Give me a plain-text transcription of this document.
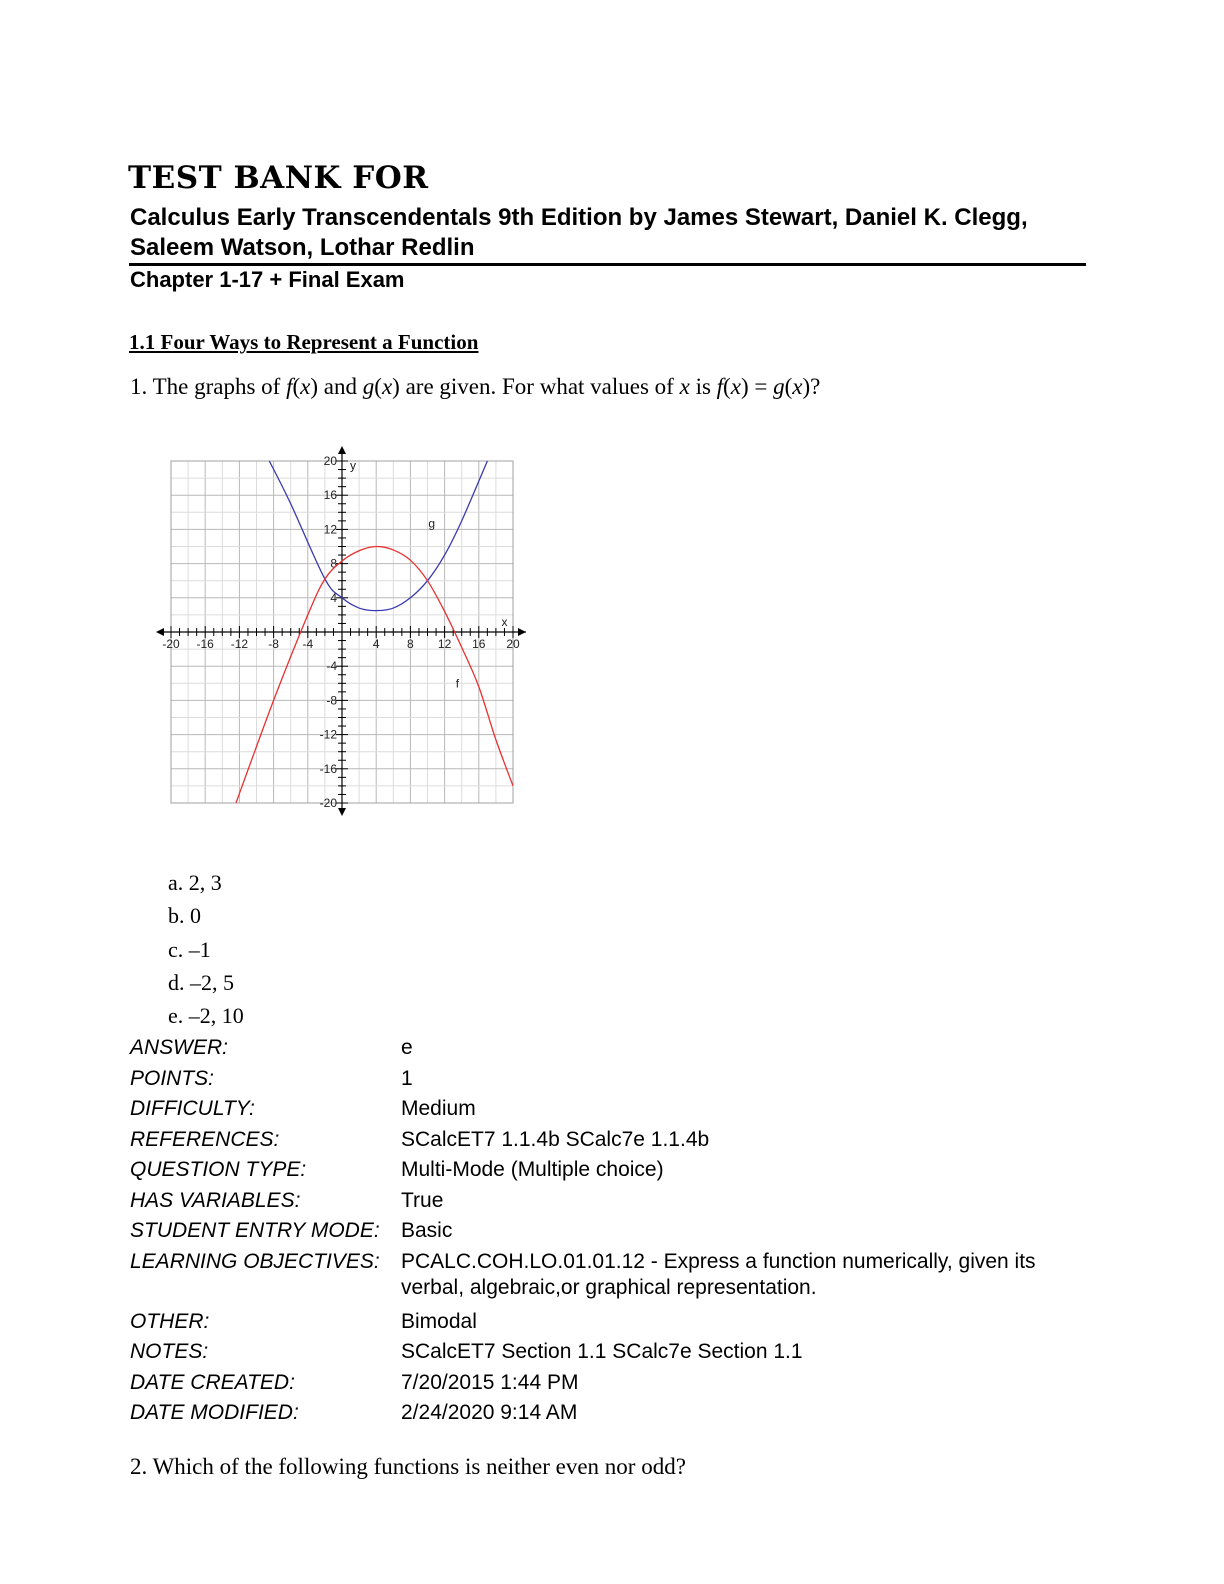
TEST BANK FOR
Calculus Early Transcendentals 9th Edition by James Stewart, Daniel K. Clegg, Saleem Watson, Lothar Redlin
Chapter 1-17 + Final Exam
1.1 Four Ways to Represent a Function
1. The graphs of f(x) and g(x) are given. For what values of x is f(x) = g(x)?
-20 -16 -12 -8 -4	4 8 12 16 20
20
16
12
8
4
-4
-8
-12
-16
-20
x
y
g
f
a. 2, 3
b. 0
c. –1
d. –2, 5
e. –2, 10
ANSWER:	e
POINTS:	1
DIFFICULTY:	Medium
REFERENCES:	SCalcET7 1.1.4b SCalc7e 1.1.4b
QUESTION TYPE:	Multi-Mode (Multiple choice)
HAS VARIABLES:	True
STUDENT ENTRY MODE:	Basic
LEARNING OBJECTIVES:	PCALC.COH.LO.01.01.12 - Express a function numerically, given its verbal, algebraic,or graphical representation.
OTHER:	Bimodal
NOTES:	SCalcET7 Section 1.1 SCalc7e Section 1.1
DATE CREATED:	7/20/2015 1:44 PM
DATE MODIFIED:	2/24/2020 9:14 AM
2. Which of the following functions is neither even nor odd?
